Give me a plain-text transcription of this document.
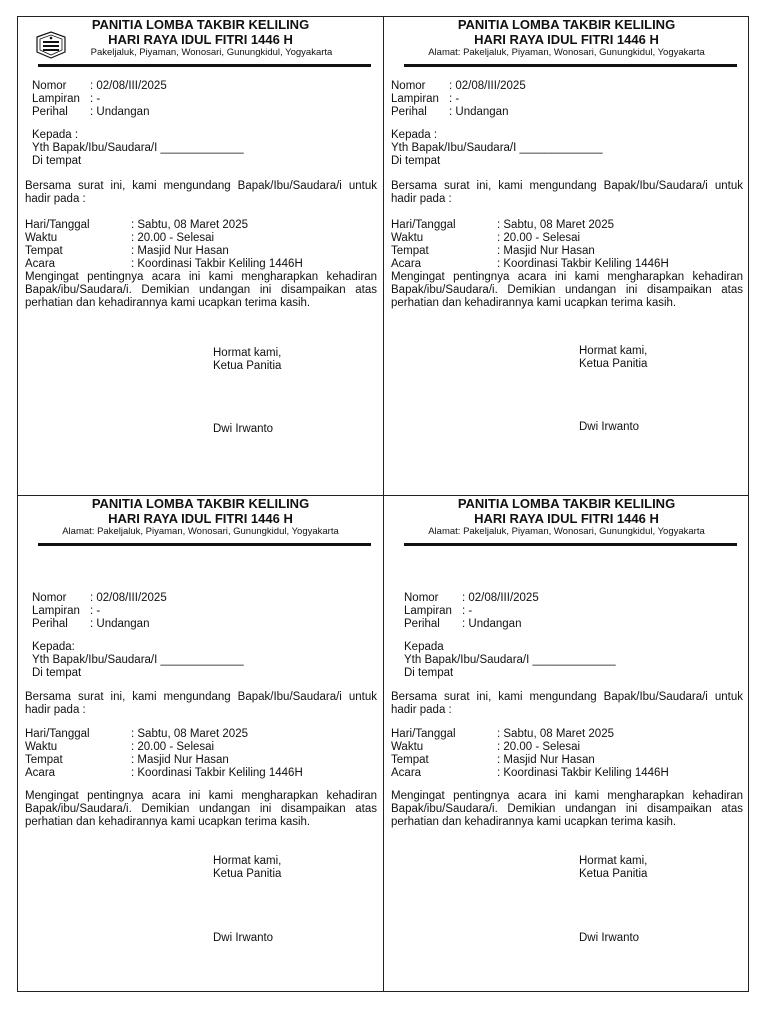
PANITIA LOMBA TAKBIR KELILING
HARI RAYA IDUL FITRI 1446 H
Pakeljaluk, Piyaman, Wonosari, Gunungkidul, Yogyakarta
Nomor : 02/08/III/2025
Lampiran : -
Perihal : Undangan
Kepada :
Yth Bapak/Ibu/Saudara/I _____________
Di tempat
Bersama surat ini, kami mengundang Bapak/Ibu/Saudara/i untuk hadir pada :
Hari/Tanggal	: Sabtu, 08 Maret 2025
Waktu	: 20.00 - Selesai
Tempat	: Masjid Nur Hasan
Acara	: Koordinasi Takbir Keliling 1446H
Mengingat pentingnya acara ini kami mengharapkan kehadiran Bapak/ibu/Saudara/i. Demikian undangan ini disampaikan atas perhatian dan kehadirannya kami ucapkan terima kasih.
Hormat kami,
Ketua Panitia
Dwi Irwanto
PANITIA LOMBA TAKBIR KELILING
HARI RAYA IDUL FITRI 1446 H
Alamat: Pakeljaluk, Piyaman, Wonosari, Gunungkidul, Yogyakarta
Nomor : 02/08/III/2025
Lampiran : -
Perihal : Undangan
Kepada :
Yth Bapak/Ibu/Saudara/I _____________
Di tempat
Bersama surat ini, kami mengundang Bapak/Ibu/Saudara/i untuk hadir pada :
Hari/Tanggal	: Sabtu, 08 Maret 2025
Waktu	: 20.00 - Selesai
Tempat	: Masjid Nur Hasan
Acara	: Koordinasi Takbir Keliling 1446H
Mengingat pentingnya acara ini kami mengharapkan kehadiran Bapak/ibu/Saudara/i. Demikian undangan ini disampaikan atas perhatian dan kehadirannya kami ucapkan terima kasih.
Hormat kami,
Ketua Panitia
Dwi Irwanto
PANITIA LOMBA TAKBIR KELILING
HARI RAYA IDUL FITRI 1446 H
Alamat: Pakeljaluk, Piyaman, Wonosari, Gunungkidul, Yogyakarta
Nomor : 02/08/III/2025
Lampiran : -
Perihal : Undangan
Kepada:
Yth Bapak/Ibu/Saudara/I _____________
Di tempat
Bersama surat ini, kami mengundang Bapak/Ibu/Saudara/i untuk hadir pada :
Hari/Tanggal	: Sabtu, 08 Maret 2025
Waktu	: 20.00 - Selesai
Tempat	: Masjid Nur Hasan
Acara	: Koordinasi Takbir Keliling 1446H
Mengingat pentingnya acara ini kami mengharapkan kehadiran Bapak/ibu/Saudara/i. Demikian undangan ini disampaikan atas perhatian dan kehadirannya kami ucapkan terima kasih.
Hormat kami,
Ketua Panitia
Dwi Irwanto
PANITIA LOMBA TAKBIR KELILING
HARI RAYA IDUL FITRI 1446 H
Alamat: Pakeljaluk, Piyaman, Wonosari, Gunungkidul, Yogyakarta
Nomor : 02/08/III/2025
Lampiran : -
Perihal : Undangan
Kepada
Yth Bapak/Ibu/Saudara/I _____________
Di tempat
Bersama surat ini, kami mengundang Bapak/Ibu/Saudara/i untuk hadir pada :
Hari/Tanggal	: Sabtu, 08 Maret 2025
Waktu	: 20.00 - Selesai
Tempat	: Masjid Nur Hasan
Acara	: Koordinasi Takbir Keliling 1446H
Mengingat pentingnya acara ini kami mengharapkan kehadiran Bapak/ibu/Saudara/i. Demikian undangan ini disampaikan atas perhatian dan kehadirannya kami ucapkan terima kasih.
Hormat kami,
Ketua Panitia
Dwi Irwanto
